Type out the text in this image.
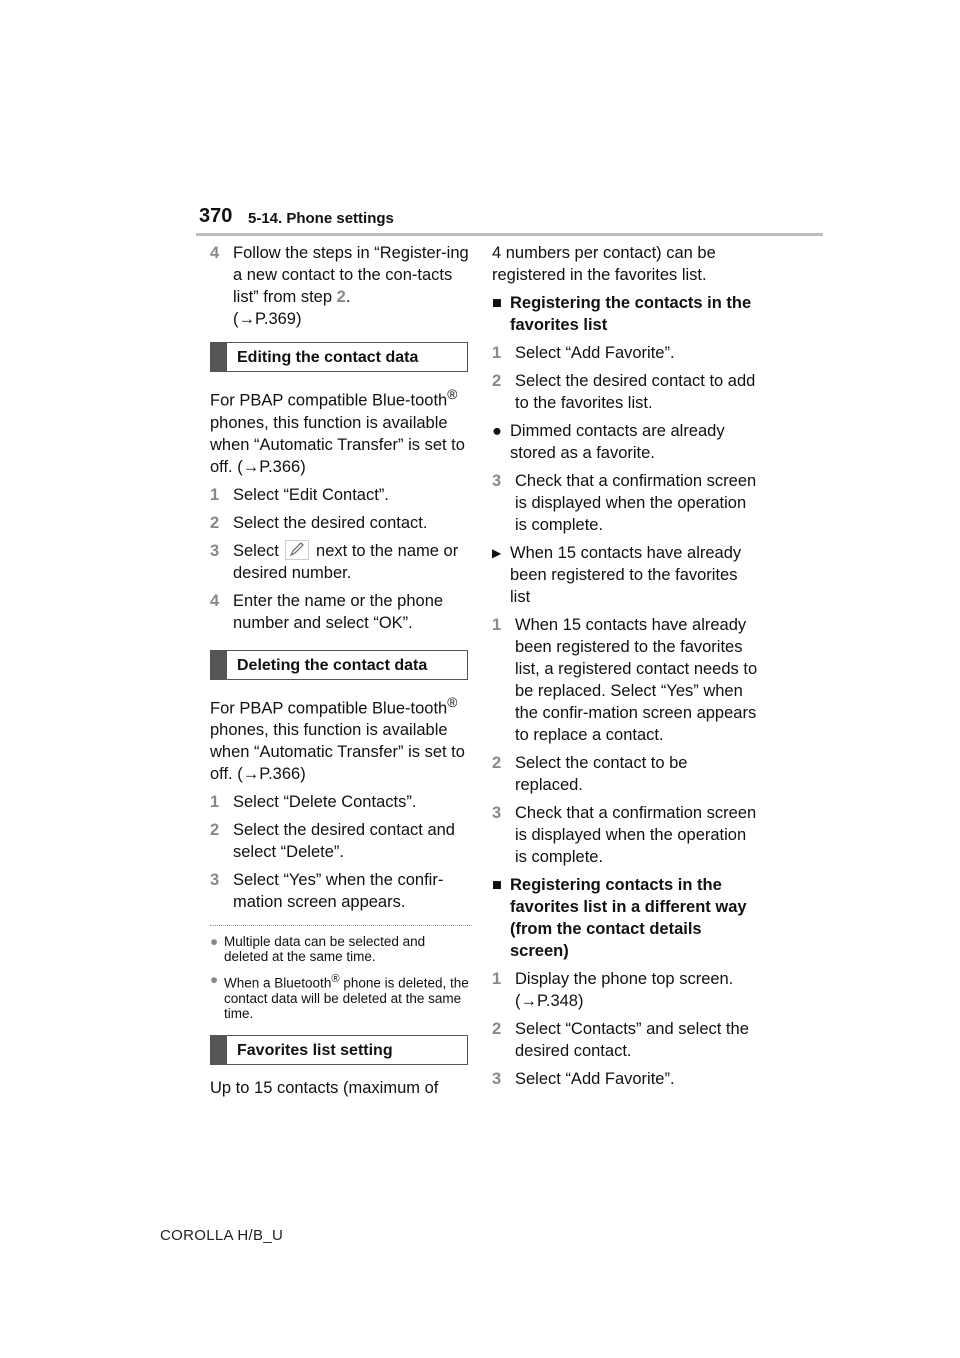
370 5-14. Phone settings
4 Follow the steps in “Register-ing a new contact to the con-tacts list” from step 2.
(→P.369)
Editing the contact data
For PBAP compatible Blue-tooth® phones, this function is available when “Automatic Transfer” is set to off. (→P.366)
1 Select “Edit Contact”.
2 Select the desired contact.
3 Select next to the name or desired number.
4 Enter the name or the phone number and select “OK”.
Deleting the contact data
For PBAP compatible Blue-tooth® phones, this function is available when “Automatic Transfer” is set to off. (→P.366)
1 Select “Delete Contacts”.
2 Select the desired contact and select “Delete”.
3 Select “Yes” when the confir-mation screen appears.
● Multiple data can be selected and deleted at the same time.
● When a Bluetooth® phone is deleted, the contact data will be deleted at the same time.
Favorites list setting
Up to 15 contacts (maximum of
4 numbers per contact) can be registered in the favorites list.
■ Registering the contacts in the favorites list
1 Select “Add Favorite”.
2 Select the desired contact to add to the favorites list.
● Dimmed contacts are already stored as a favorite.
3 Check that a confirmation screen is displayed when the operation is complete.
▶ When 15 contacts have already been registered to the favorites list
1 When 15 contacts have already been registered to the favorites list, a registered contact needs to be replaced. Select “Yes” when the confir-mation screen appears to replace a contact.
2 Select the contact to be replaced.
3 Check that a confirmation screen is displayed when the operation is complete.
■ Registering contacts in the favorites list in a different way (from the contact details screen)
1 Display the phone top screen. (→P.348)
2 Select “Contacts” and select the desired contact.
3 Select “Add Favorite”.
COROLLA H/B_U
